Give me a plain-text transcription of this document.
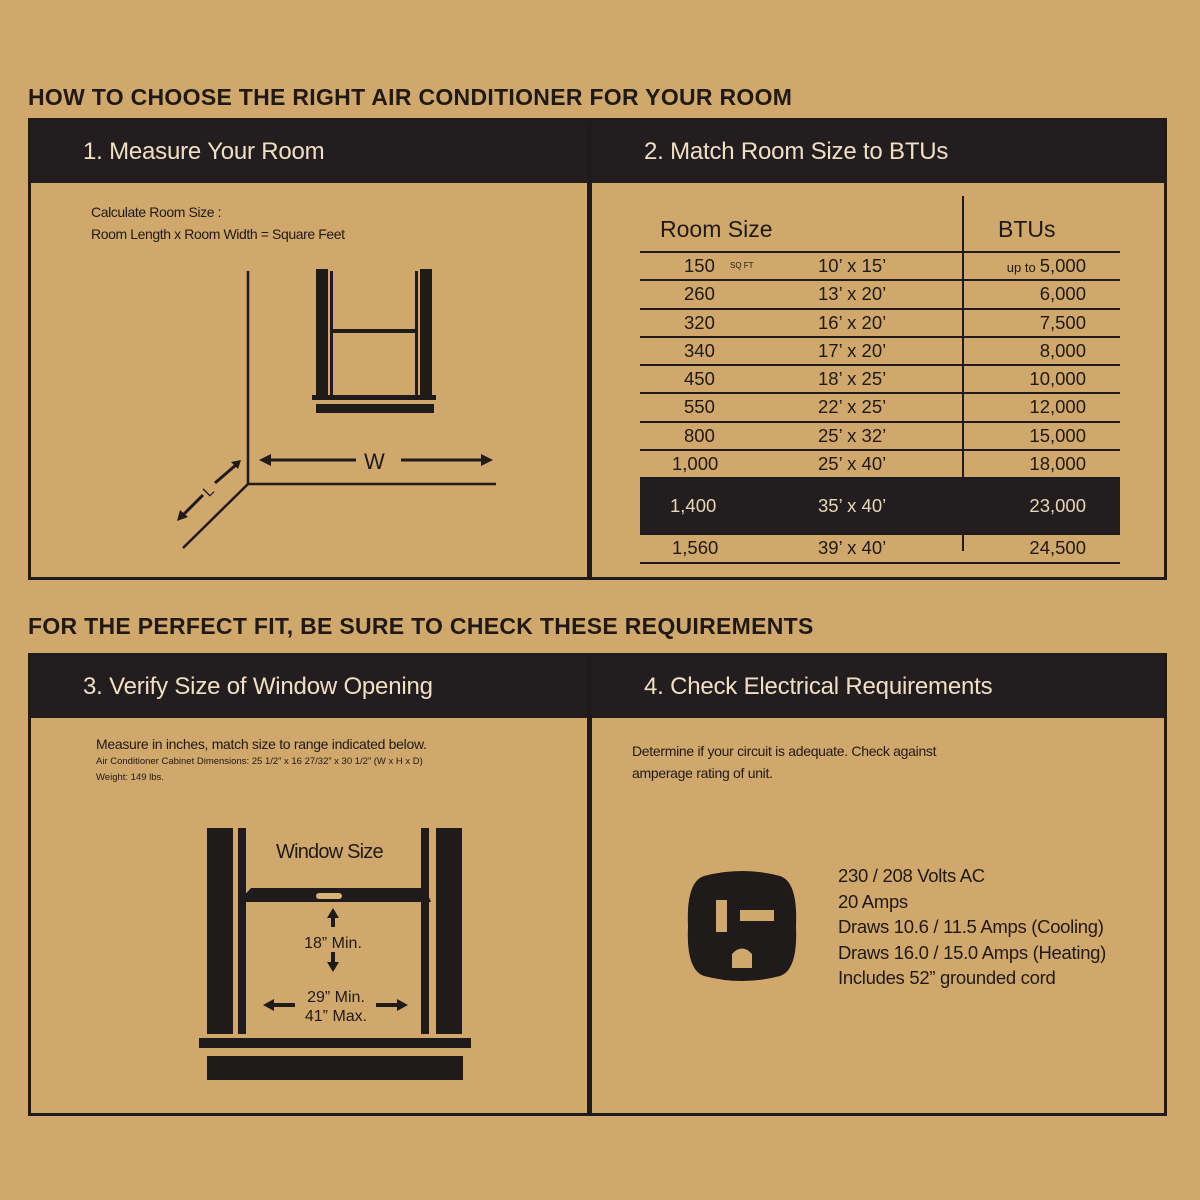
HOW TO CHOOSE THE RIGHT AIR CONDITIONER FOR YOUR ROOM
1. Measure Your Room
Calculate Room Size :
Room Length x Room Width = Square Feet
W
L
2. Match Room Size to BTUs
Room Size	BTUs
150 SQ FT	10’ x 15’	up to 5,000
260	13’ x 20’	6,000
320	16’ x 20’	7,500
340	17’ x 20’	8,000
450	18’ x 25’	10,000
550	22’ x 25’	12,000
800	25’ x 32’	15,000
1,000	25’ x 40’	18,000
1,400	35’ x 40’	23,000
1,560	39’ x 40’	24,500
FOR THE PERFECT FIT, BE SURE TO CHECK THESE REQUIREMENTS
3. Verify Size of Window Opening
Measure in inches, match size to range indicated below.
Air Conditioner Cabinet Dimensions: 25 1/2” x 16 27/32” x 30 1/2” (W x H x D)
Weight: 149 lbs.
Window Size
18” Min.
29” Min.
41” Max.
4. Check Electrical Requirements
Determine if your circuit is adequate. Check against
amperage rating of unit.
230 / 208 Volts AC
20 Amps
Draws 10.6 / 11.5 Amps (Cooling)
Draws 16.0 / 15.0 Amps (Heating)
Includes 52” grounded cord
